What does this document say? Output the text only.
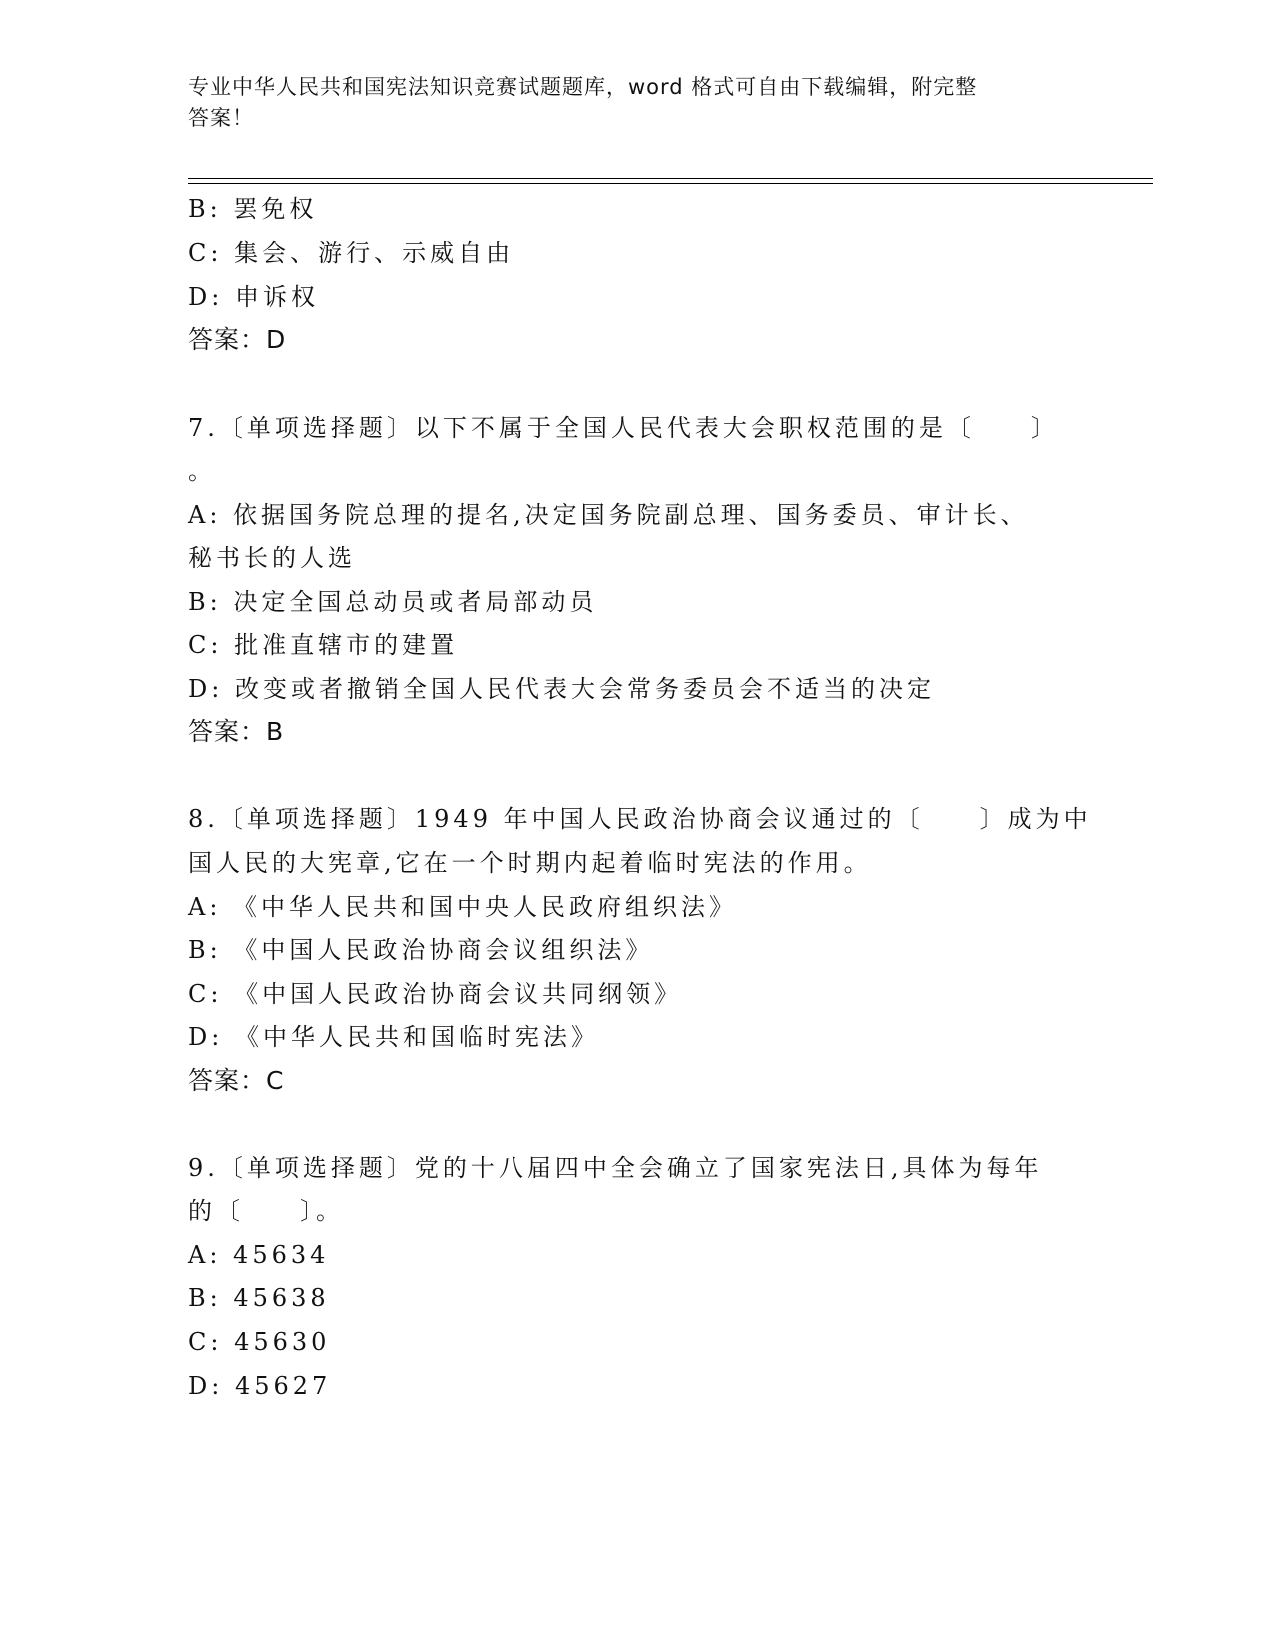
专业中华人民共和国宪法知识竞赛试题题库，word 格式可自由下载编辑，附完整
答案！
B: 罢免权
C: 集会、游行、示威自由
D: 申诉权
答案：D
7.〔单项选择题〕以下不属于全国人民代表大会职权范围的是〔　　〕
。
A: 依据国务院总理的提名,决定国务院副总理、国务委员、审计长、
秘书长的人选
B: 决定全国总动员或者局部动员
C: 批准直辖市的建置
D: 改变或者撤销全国人民代表大会常务委员会不适当的决定
答案：B
8.〔单项选择题〕1949 年中国人民政治协商会议通过的〔　　〕成为中
国人民的大宪章,它在一个时期内起着临时宪法的作用。
A: 《中华人民共和国中央人民政府组织法》
B: 《中国人民政治协商会议组织法》
C: 《中国人民政治协商会议共同纲领》
D: 《中华人民共和国临时宪法》
答案：C
9.〔单项选择题〕党的十八届四中全会确立了国家宪法日,具体为每年
的〔　　〕。
A: 45634
B: 45638
C: 45630
D: 45627
